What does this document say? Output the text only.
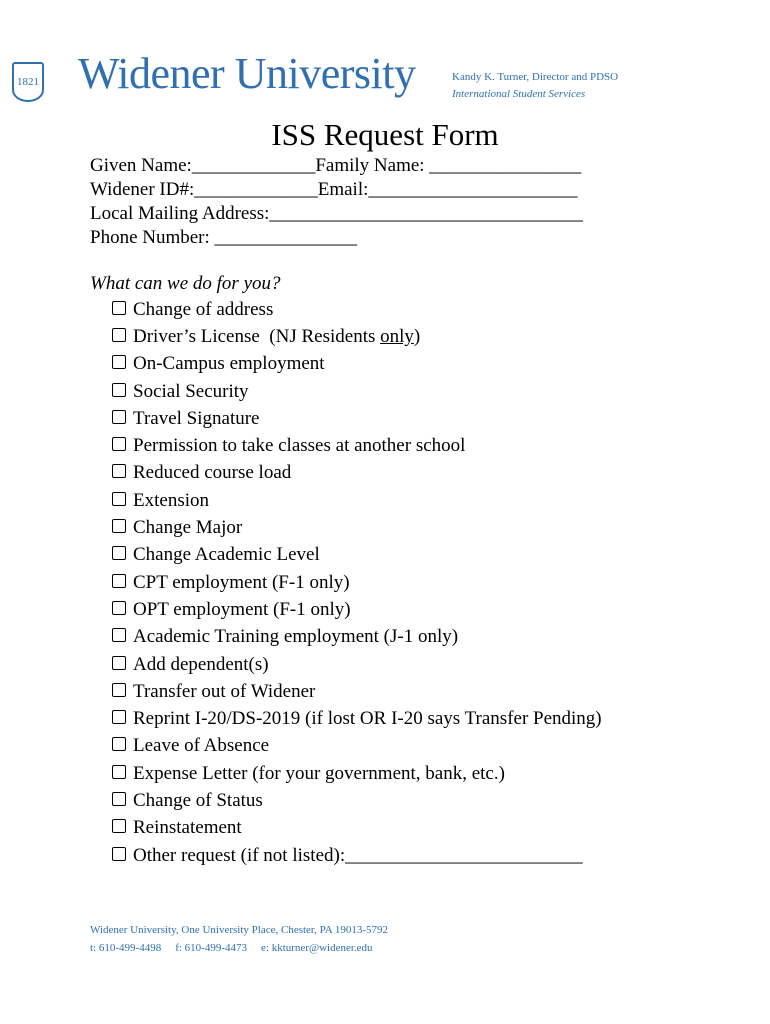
1821 Widener University	Kandy K. Turner, Director and PDSO
International Student Services
ISS Request Form
Given Name:_____________Family Name: ________________
Widener ID#:_____________Email:______________________
Local Mailing Address:_________________________________
Phone Number: _______________
What can we do for you?
Change of address
Driver’s License  (NJ Residents only )
On-Campus employment
Social Security
Travel Signature
Permission to take classes at another school
Reduced course load
Extension
Change Major
Change Academic Level
CPT employment (F-1 only)
OPT employment (F-1 only)
Academic Training employment (J-1 only)
Add dependent(s)
Transfer out of Widener
Reprint I-20/DS-2019 (if lost OR I-20 says Transfer Pending)
Leave of Absence
Expense Letter (for your government, bank, etc.)
Change of Status
Reinstatement
Other request (if not listed):_________________________
Widener University, One University Place, Chester, PA 19013-5792
t: 610-499-4498 f: 610-499-4473 e: kkturner@widener.edu
